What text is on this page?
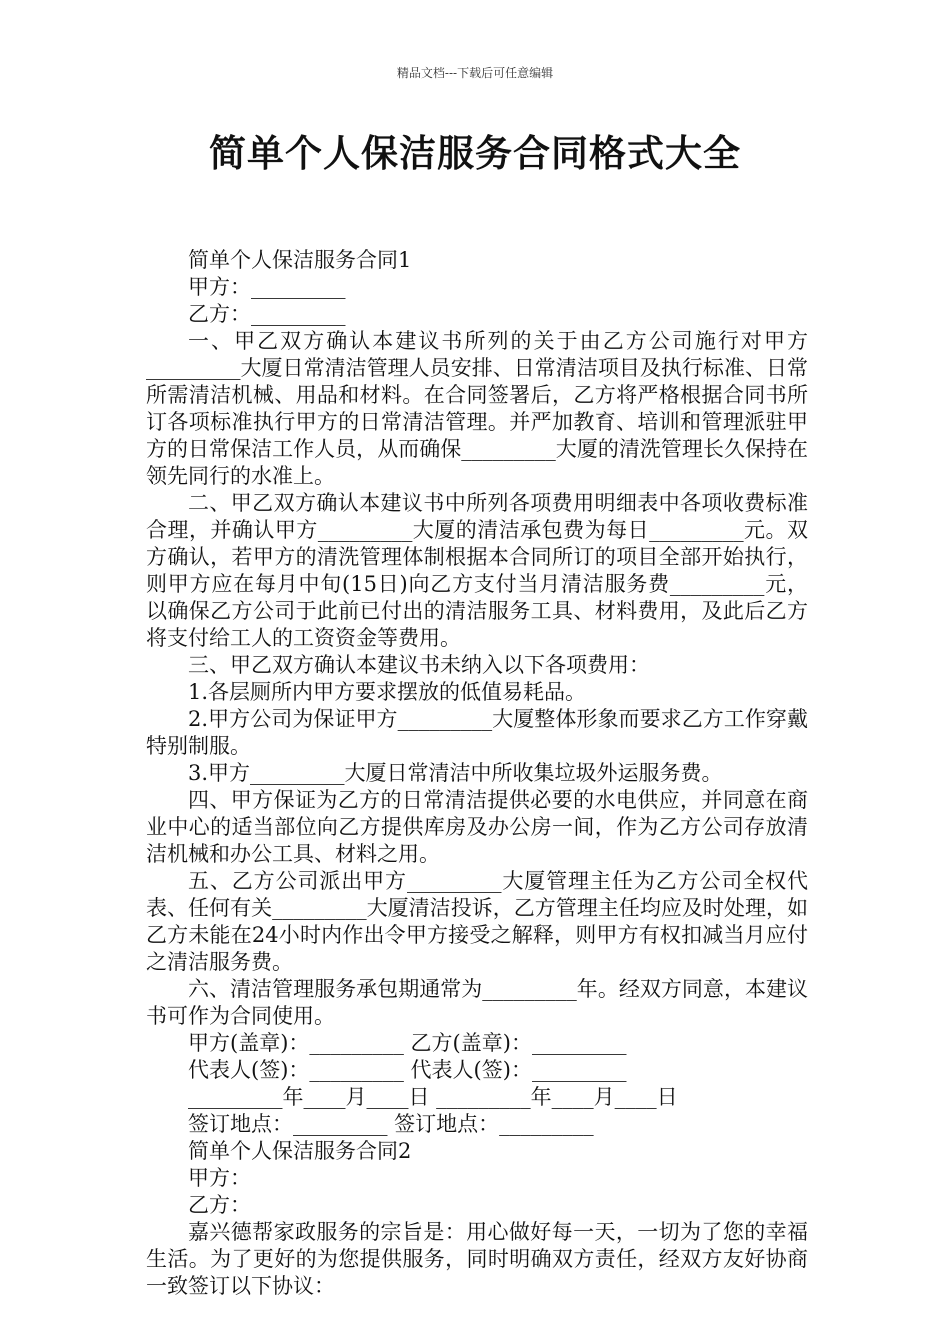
精品文档---下载后可任意编辑
简单个人保洁服务合同格式大全

简单个人保洁服务合同1

甲方：_________

乙方：_________

一、甲乙双方确认本建议书所列的关于由乙方公司施行对甲方_________大厦日常清洁管理人员安排、日常清洁项目及执行标准、日常所需清洁机械、用品和材料。在合同签署后，乙方将严格根据合同书所订各项标准执行甲方的日常清洁管理。并严加教育、培训和管理派驻甲方的日常保洁工作人员，从而确保_________大厦的清洗管理长久保持在领先同行的水准上。

二、甲乙双方确认本建议书中所列各项费用明细表中各项收费标准合理，并确认甲方_________大厦的清洁承包费为每日_________元。双方确认，若甲方的清洗管理体制根据本合同所订的项目全部开始执行，则甲方应在每月中旬(15日)向乙方支付当月清洁服务费_________元，以确保乙方公司于此前已付出的清洁服务工具、材料费用，及此后乙方将支付给工人的工资资金等费用。

三、甲乙双方确认本建议书未纳入以下各项费用：

1.各层厕所内甲方要求摆放的低值易耗品。

2.甲方公司为保证甲方_________大厦整体形象而要求乙方工作穿戴特别制服。

3.甲方_________大厦日常清洁中所收集垃圾外运服务费。

四、甲方保证为乙方的日常清洁提供必要的水电供应，并同意在商业中心的适当部位向乙方提供库房及办公房一间，作为乙方公司存放清洁机械和办公工具、材料之用。

五、乙方公司派出甲方_________大厦管理主任为乙方公司全权代表、任何有关_________大厦清洁投诉，乙方管理主任均应及时处理，如乙方未能在24小时内作出令甲方接受之解释，则甲方有权扣减当月应付之清洁服务费。

六、清洁管理服务承包期通常为_________年。经双方同意，本建议书可作为合同使用。

甲方(盖章)：_________ 乙方(盖章)：_________

代表人(签)：_________ 代表人(签)：_________

_________年____月____日 _________年____月____日

签订地点：_________ 签订地点：_________

简单个人保洁服务合同2

甲方：

乙方：

嘉兴德帮家政服务的宗旨是：用心做好每一天，一切为了您的幸福生活。为了更好的为您提供服务，同时明确双方责任，经双方友好协商一致签订以下协议：
